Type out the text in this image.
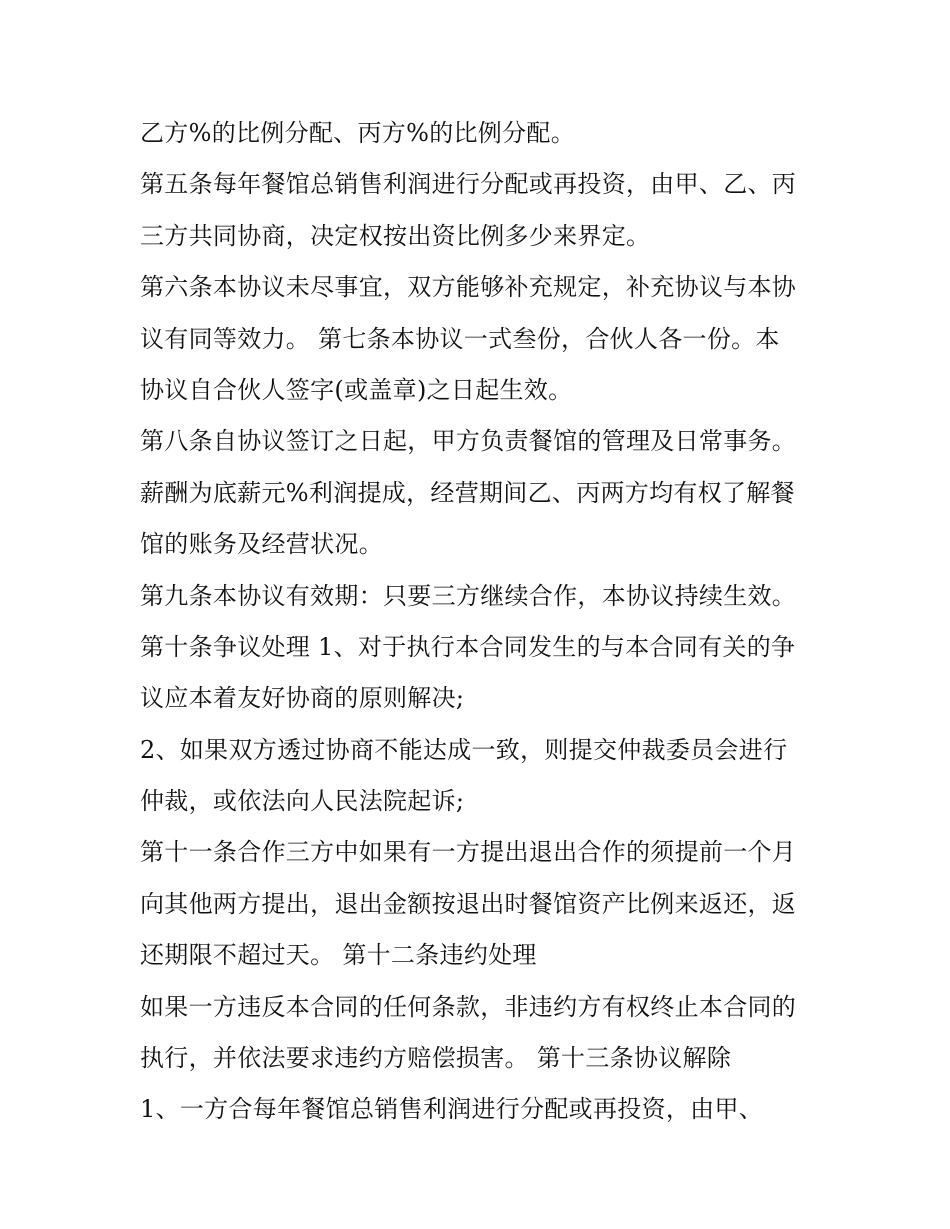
乙方%的比例分配、丙方%的比例分配。
第五条每年餐馆总销售利润进行分配或再投资，由甲、乙、丙
三方共同协商，决定权按出资比例多少来界定。
第六条本协议未尽事宜，双方能够补充规定，补充协议与本协
议有同等效力。 第七条本协议一式叁份，合伙人各一份。本
协议自合伙人签字(或盖章)之日起生效。
第八条自协议签订之日起，甲方负责餐馆的管理及日常事务。
薪酬为底薪元%利润提成，经营期间乙、丙两方均有权了解餐
馆的账务及经营状况。
第九条本协议有效期：只要三方继续合作，本协议持续生效。
第十条争议处理 1、对于执行本合同发生的与本合同有关的争
议应本着友好协商的原则解决;
2、如果双方透过协商不能达成一致，则提交仲裁委员会进行
仲裁，或依法向人民法院起诉;
第十一条合作三方中如果有一方提出退出合作的须提前一个月
向其他两方提出，退出金额按退出时餐馆资产比例来返还，返
还期限不超过天。 第十二条违约处理
如果一方违反本合同的任何条款，非违约方有权终止本合同的
执行，并依法要求违约方赔偿损害。 第十三条协议解除
1、一方合每年餐馆总销售利润进行分配或再投资，由甲、
